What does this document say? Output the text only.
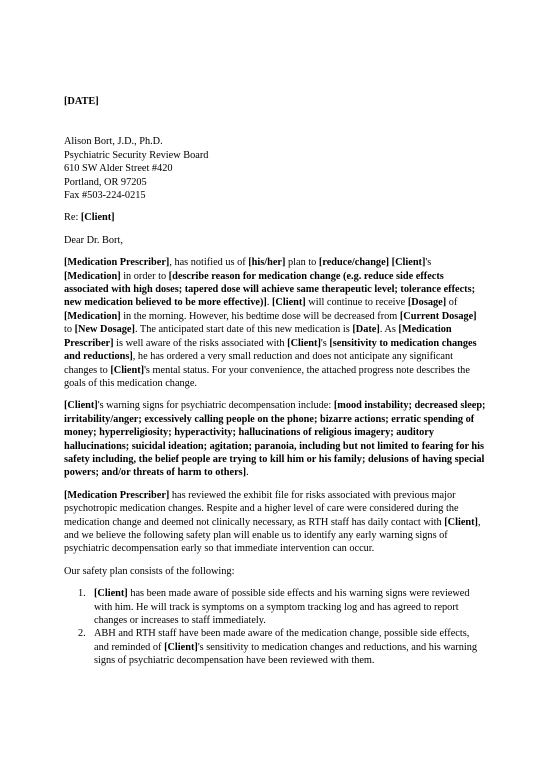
[DATE]

Alison Bort, J.D., Ph.D.

Psychiatric Security Review Board

610 SW Alder Street #420

Portland, OR 97205

Fax #503-224-0215

Re: [Client]

Dear Dr. Bort,

[Medication Prescriber], has notified us of [his/her] plan to [reduce/change] [Client]'s [Medication] in order to [describe reason for medication change (e.g. reduce side effects associated with high doses; tapered dose will achieve same therapeutic level; tolerance effects; new medication believed to be more effective)]. [Client] will continue to receive [Dosage] of [Medication] in the morning. However, his bedtime dose will be decreased from [Current Dosage] to [New Dosage]. The anticipated start date of this new medication is [Date]. As [Medication Prescriber] is well aware of the risks associated with [Client]'s [sensitivity to medication changes and reductions], he has ordered a very small reduction and does not anticipate any significant changes to [Client]'s mental status. For your convenience, the attached progress note describes the goals of this medication change.

[Client]'s warning signs for psychiatric decompensation include: [mood instability; decreased sleep; irritability/anger; excessively calling people on the phone; bizarre actions; erratic spending of money; hyperreligiosity; hyperactivity; hallucinations of religious imagery; auditory hallucinations; suicidal ideation; agitation; paranoia, including but not limited to fearing for his safety including, the belief people are trying to kill him or his family; delusions of having special powers; and/or threats of harm to others].

[Medication Prescriber] has reviewed the exhibit file for risks associated with previous major psychotropic medication changes. Respite and a higher level of care were considered during the medication change and deemed not clinically necessary, as RTH staff has daily contact with [Client], and we believe the following safety plan will enable us to identify any early warning signs of psychiatric decompensation early so that immediate intervention can occur.

Our safety plan consists of the following:

1. [Client] has been made aware of possible side effects and his warning signs were reviewed with him. He will track is symptoms on a symptom tracking log and has agreed to report changes or increases to staff immediately.
2. ABH and RTH staff have been made aware of the medication change, possible side effects, and reminded of [Client]'s sensitivity to medication changes and reductions, and his warning signs of psychiatric decompensation have been reviewed with them.
